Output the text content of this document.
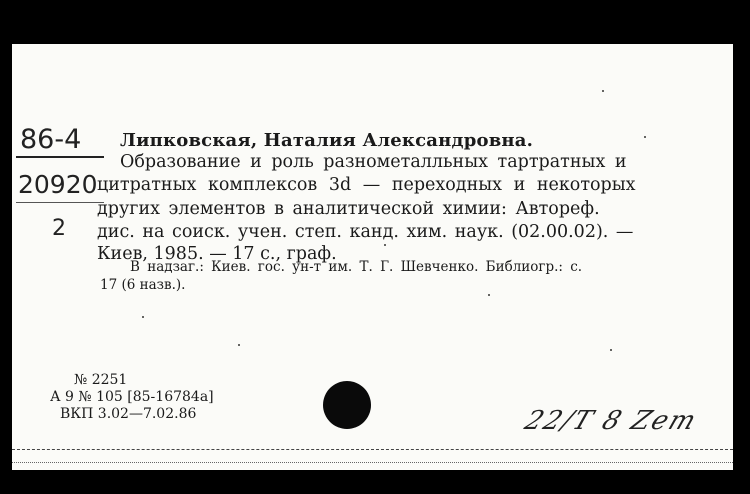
86-4
20920
2
Липковская, Наталия Александровна.
Образование и роль разнометалльных тартратных и
цитратных комплексов 3d — переходных и некоторых
других элементов в аналитической химии: Автореф.
дис. на соиск. учен. степ. канд. хим. наук. (02.00.02). —
Киев, 1985. — 17 с., граф.
В надзаг.: Киев. гос. ун-т им. Т. Г. Шевченко. Библиогр.: с.
17 (6 назв.).
№ 2251
А 9 № 105 [85-16784а]
ВКП 3.02—7.02.86	22/Т 8 Zeт
